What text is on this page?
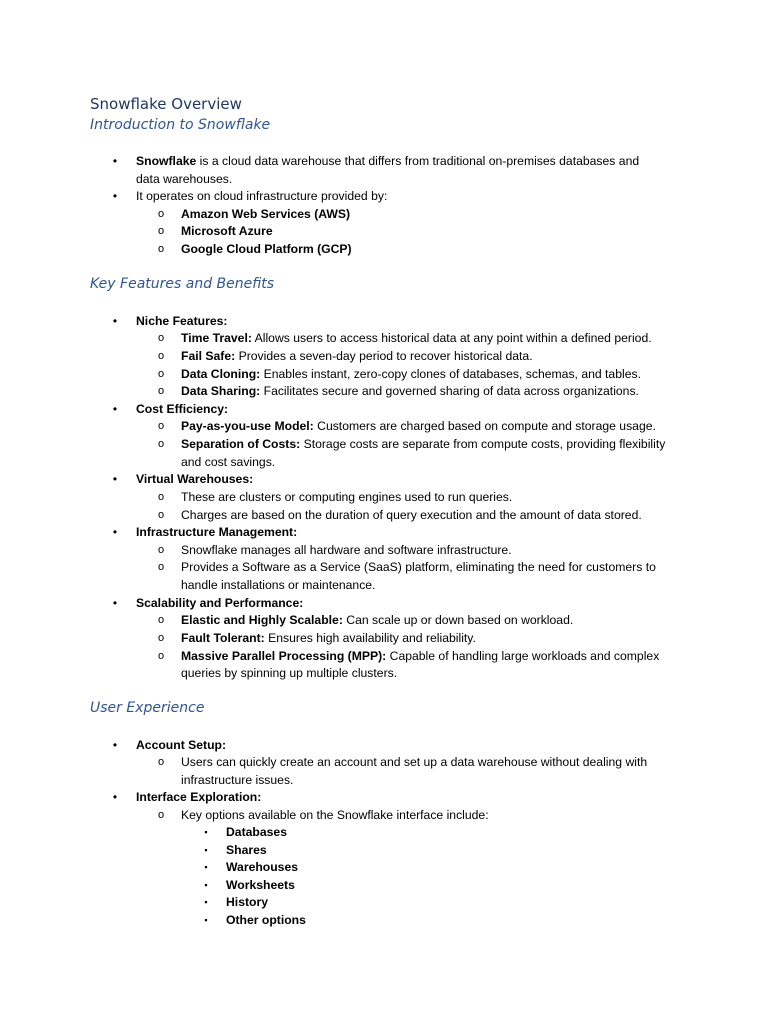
Snowflake Overview
Introduction to Snowflake
Key Features and Benefits
User Experience
•	Snowflake is a cloud data warehouse that differs from traditional on-premises databases and
data warehouses.
•	It operates on cloud infrastructure provided by:
o Amazon Web Services (AWS)
o Microsoft Azure
o Google Cloud Platform (GCP)
•	Niche Features:
o Time Travel: Allows users to access historical data at any point within a defined period.
o Fail Safe: Provides a seven-day period to recover historical data.
o Data Cloning: Enables instant, zero-copy clones of databases, schemas, and tables.
o Data Sharing: Facilitates secure and governed sharing of data across organizations.
•	Cost Efficiency:
o Pay-as-you-use Model: Customers are charged based on compute and storage usage.
o Separation of Costs: Storage costs are separate from compute costs, providing flexibility
and cost savings.
•	Virtual Warehouses:
o These are clusters or computing engines used to run queries.
o Charges are based on the duration of query execution and the amount of data stored.
•	Infrastructure Management:
o Snowflake manages all hardware and software infrastructure.
o Provides a Software as a Service (SaaS) platform, eliminating the need for customers to
handle installations or maintenance.
•	Scalability and Performance:
o Elastic and Highly Scalable: Can scale up or down based on workload.
o Fault Tolerant: Ensures high availability and reliability.
o Massive Parallel Processing (MPP): Capable of handling large workloads and complex
queries by spinning up multiple clusters.
•	Account Setup:
o Users can quickly create an account and set up a data warehouse without dealing with
infrastructure issues.
•	Interface Exploration:
o Key options available on the Snowflake interface include:
▪	Databases
▪	Shares
▪	Warehouses
▪	Worksheets
▪	History
▪	Other options
